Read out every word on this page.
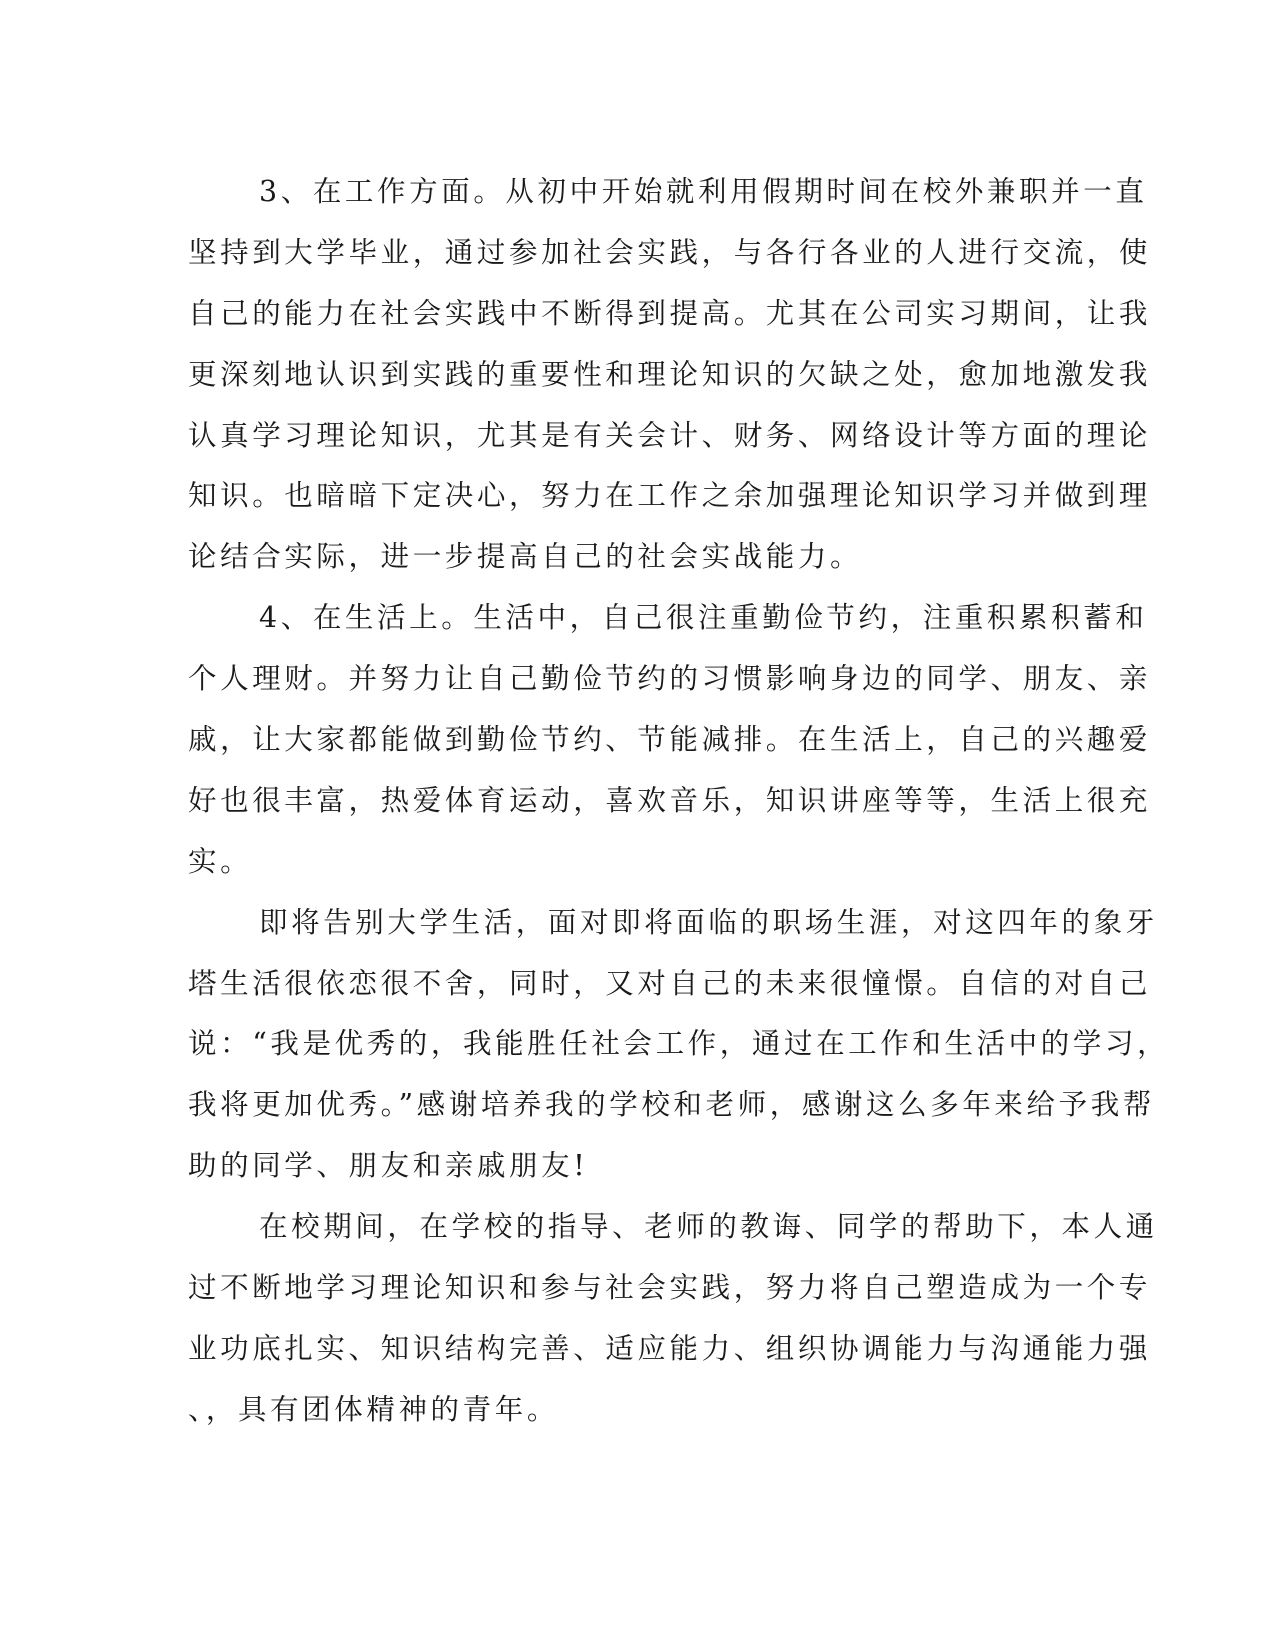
3、在工作方面。从初中开始就利用假期时间在校外兼职并一直
坚持到大学毕业，通过参加社会实践，与各行各业的人进行交流，使
自己的能力在社会实践中不断得到提高。尤其在公司实习期间，让我
更深刻地认识到实践的重要性和理论知识的欠缺之处，愈加地激发我
认真学习理论知识，尤其是有关会计、财务、网络设计等方面的理论
知识。也暗暗下定决心，努力在工作之余加强理论知识学习并做到理
论结合实际，进一步提高自己的社会实战能力。
4、在生活上。生活中，自己很注重勤俭节约，注重积累积蓄和
个人理财。并努力让自己勤俭节约的习惯影响身边的同学、朋友、亲
戚，让大家都能做到勤俭节约、节能减排。在生活上，自己的兴趣爱
好也很丰富，热爱体育运动，喜欢音乐，知识讲座等等，生活上很充
实。
即将告别大学生活，面对即将面临的职场生涯，对这四年的象牙
塔生活很依恋很不舍，同时，又对自己的未来很憧憬。自信的对自己
说：“我是优秀的，我能胜任社会工作，通过在工作和生活中的学习，
我将更加优秀。”感谢培养我的学校和老师，感谢这么多年来给予我帮
助的同学、朋友和亲戚朋友!
在校期间，在学校的指导、老师的教诲、同学的帮助下，本人通
过不断地学习理论知识和参与社会实践，努力将自己塑造成为一个专
业功底扎实、知识结构完善、适应能力、组织协调能力与沟通能力强
、，具有团体精神的青年。
